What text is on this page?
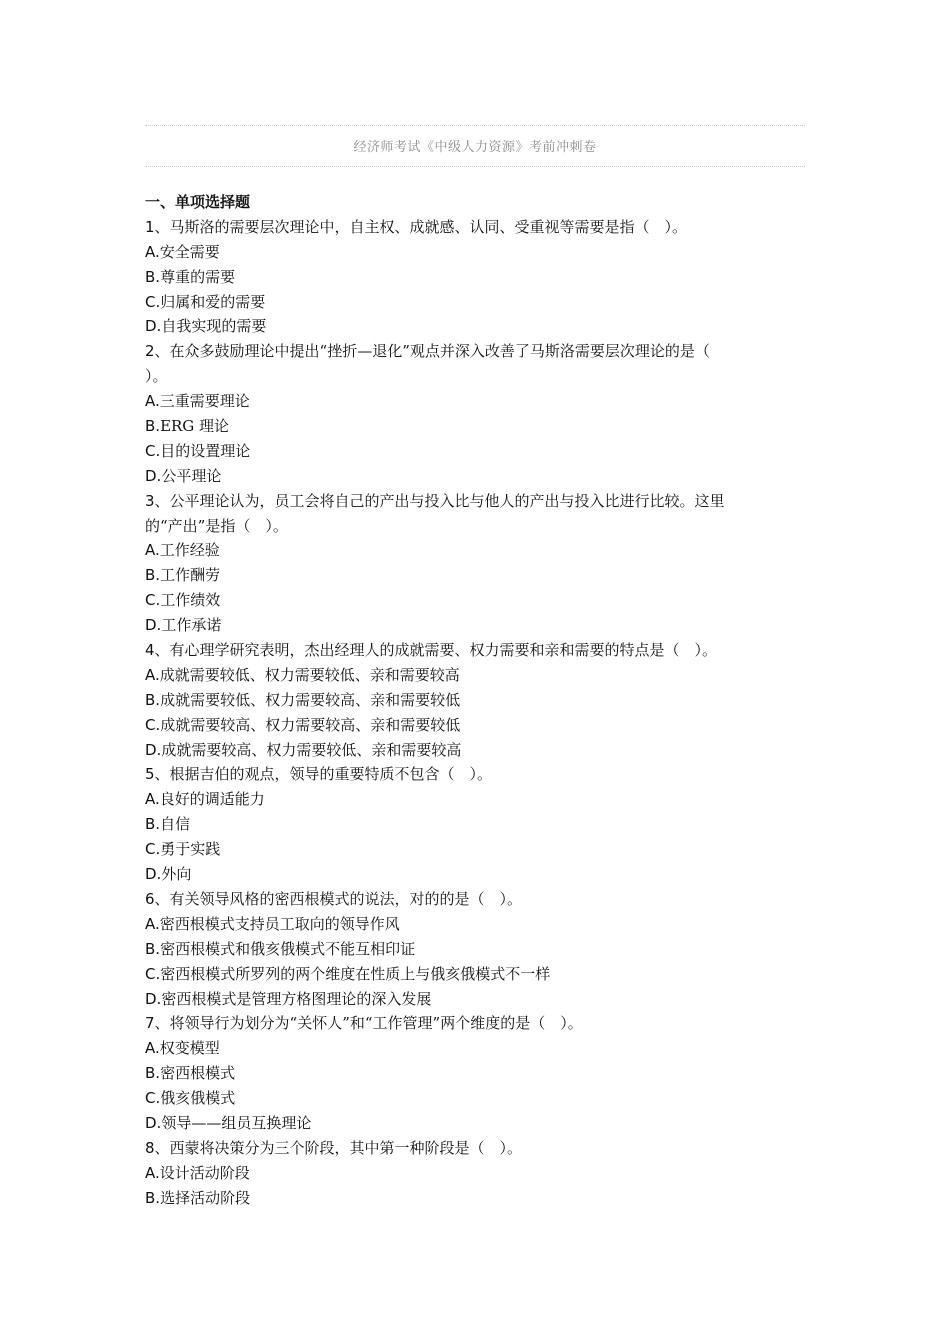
经济师考试《中级人力资源》考前冲刺卷
一、单项选择题
1、马斯洛的需要层次理论中，自主权、成就感、认同、受重视等需要是指（　）。
A.安全需要
B.尊重的需要
C.归属和爱的需要
D.自我实现的需要
2、在众多鼓励理论中提出“挫折—退化”观点并深入改善了马斯洛需要层次理论的是（
）。
A.三重需要理论
B.ERG 理论
C.目的设置理论
D.公平理论
3、公平理论认为，员工会将自己的产出与投入比与他人的产出与投入比进行比较。这里
的“产出”是指（　）。
A.工作经验
B.工作酬劳
C.工作绩效
D.工作承诺
4、有心理学研究表明，杰出经理人的成就需要、权力需要和亲和需要的特点是（　）。
A.成就需要较低、权力需要较低、亲和需要较高
B.成就需要较低、权力需要较高、亲和需要较低
C.成就需要较高、权力需要较高、亲和需要较低
D.成就需要较高、权力需要较低、亲和需要较高
5、根据吉伯的观点，领导的重要特质不包含（　）。
A.良好的调适能力
B.自信
C.勇于实践
D.外向
6、有关领导风格的密西根模式的说法，对的的是（　）。
A.密西根模式支持员工取向的领导作风
B.密西根模式和俄亥俄模式不能互相印证
C.密西根模式所罗列的两个维度在性质上与俄亥俄模式不一样
D.密西根模式是管理方格图理论的深入发展
7、将领导行为划分为“关怀人”和“工作管理”两个维度的是（　）。
A.权变模型
B.密西根模式
C.俄亥俄模式
D.领导——组员互换理论
8、西蒙将决策分为三个阶段，其中第一种阶段是（　）。
A.设计活动阶段
B.选择活动阶段
